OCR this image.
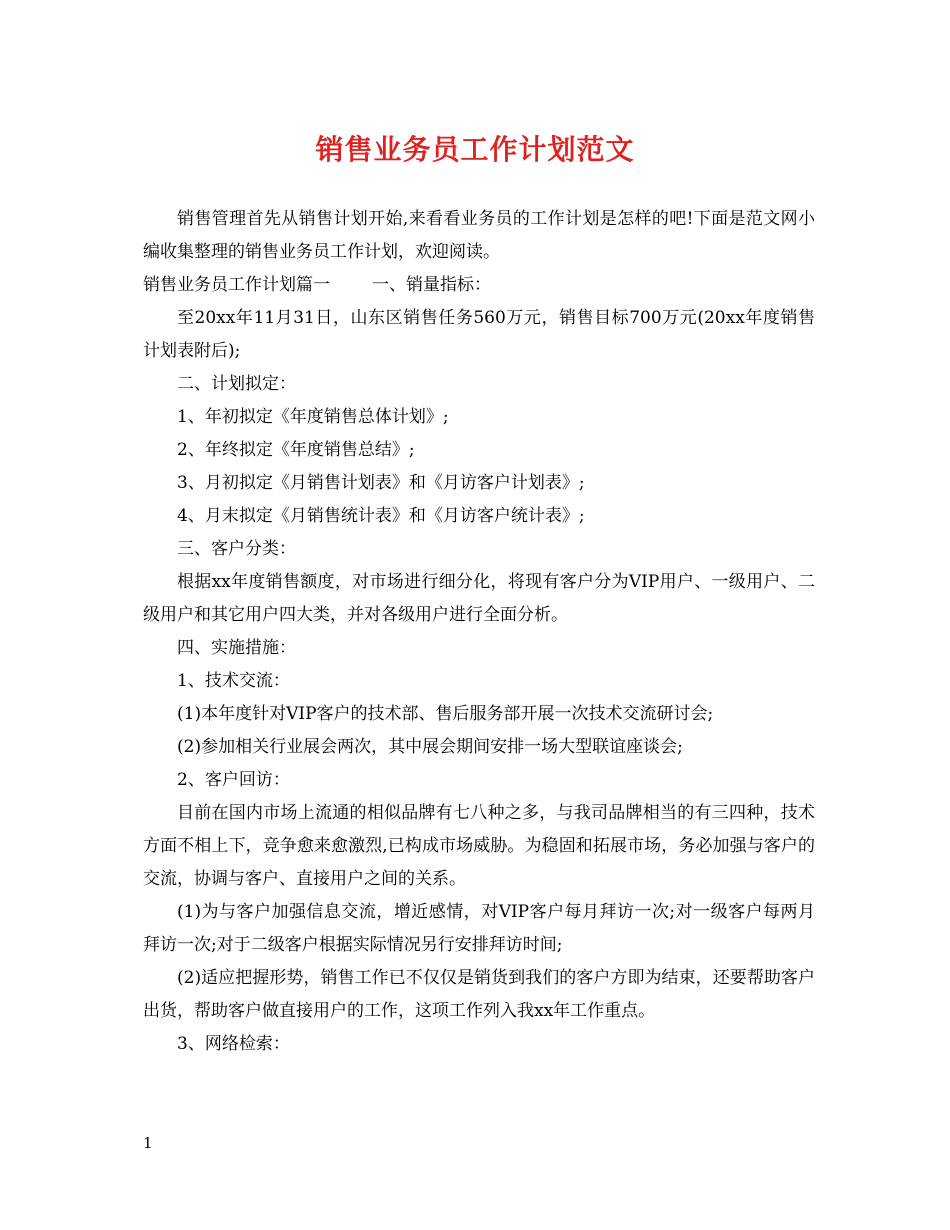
销售业务员工作计划范文

销售管理首先从销售计划开始,来看看业务员的工作计划是怎样的吧!下面是范文网小编收集整理的销售业务员工作计划，欢迎阅读。

销售业务员工作计划篇一 一、销量指标：

至20xx年11月31日，山东区销售任务560万元，销售目标700万元(20xx年度销售计划表附后);

二、计划拟定：

1、年初拟定《年度销售总体计划》;

2、年终拟定《年度销售总结》;

3、月初拟定《月销售计划表》和《月访客户计划表》;

4、月末拟定《月销售统计表》和《月访客户统计表》;

三、客户分类：

根据xx年度销售额度，对市场进行细分化，将现有客户分为VIP用户、一级用户、二级用户和其它用户四大类，并对各级用户进行全面分析。

四、实施措施：

1、技术交流：

(1)本年度针对VIP客户的技术部、售后服务部开展一次技术交流研讨会;

(2)参加相关行业展会两次，其中展会期间安排一场大型联谊座谈会;

2、客户回访：

目前在国内市场上流通的相似品牌有七八种之多，与我司品牌相当的有三四种，技术方面不相上下，竞争愈来愈激烈,已构成市场威胁。为稳固和拓展市场，务必加强与客户的交流，协调与客户、直接用户之间的关系。

(1)为与客户加强信息交流，增近感情，对VIP客户每月拜访一次;对一级客户每两月拜访一次;对于二级客户根据实际情况另行安排拜访时间;

(2)适应把握形势，销售工作已不仅仅是销货到我们的客户方即为结束，还要帮助客户出货，帮助客户做直接用户的工作，这项工作列入我xx年工作重点。

3、网络检索：

1
